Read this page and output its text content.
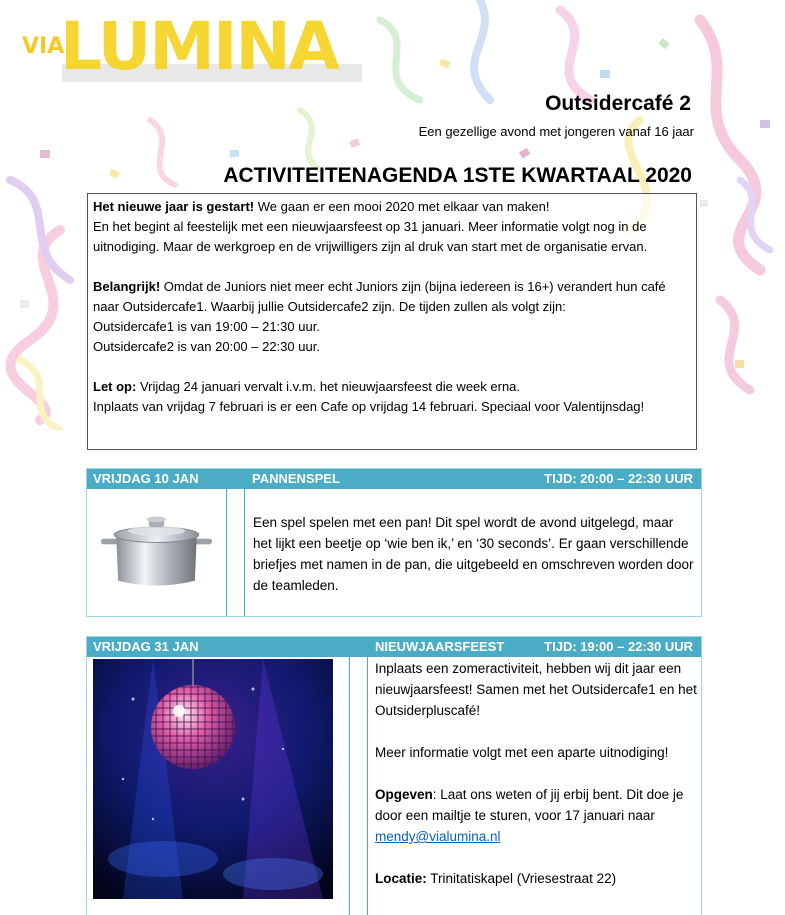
VIA
LUMINA
Outsidercafé 2
Een gezellige avond met jongeren vanaf 16 jaar
ACTIVITEITENAGENDA 1STE KWARTAAL 2020

Het nieuwe jaar is gestart! We gaan er een mooi 2020 met elkaar van maken!

En het begint al feestelijk met een nieuwjaarsfeest op 31 januari. Meer informatie volgt nog in de uitnodiging. Maar de werkgroep en de vrijwilligers zijn al druk van start met de organisatie ervan.

Belangrijk! Omdat de Juniors niet meer echt Juniors zijn (bijna iedereen is 16+) verandert hun café naar Outsidercafe1. Waarbij jullie Outsidercafe2 zijn. De tijden zullen als volgt zijn:

Outsidercafe1 is van 19:00 – 21:30 uur.

Outsidercafe2 is van 20:00 – 22:30 uur.

Let op: Vrijdag 24 januari vervalt i.v.m. het nieuwjaarsfeest die week erna.

Inplaats van vrijdag 7 februari is er een Cafe op vrijdag 14 februari. Speciaal voor Valentijnsdag!

VRIJDAG 10 JAN	PANNENSPEL	TIJD: 20:00 – 22:30 UUR
Een spel spelen met een pan! Dit spel wordt de avond uitgelegd, maar het lijkt een beetje op ‘wie ben ik,’ en ‘30 seconds’. Er gaan verschillende briefjes met namen in de pan, die uitgebeeld en omschreven worden door de teamleden.
VRIJDAG 31 JAN	NIEUWJAARSFEEST	TIJD: 19:00 – 22:30 UUR

Inplaats een zomeractiviteit, hebben wij dit jaar een nieuwjaarsfeest! Samen met het Outsidercafe1 en het Outsiderpluscafé!

Meer informatie volgt met een aparte uitnodiging!

Opgeven: Laat ons weten of jij erbij bent. Dit doe je door een mailtje te sturen, voor 17 januari naar mendy@vialumina.nl

Locatie: Trinitatiskapel (Vriesestraat 22)
